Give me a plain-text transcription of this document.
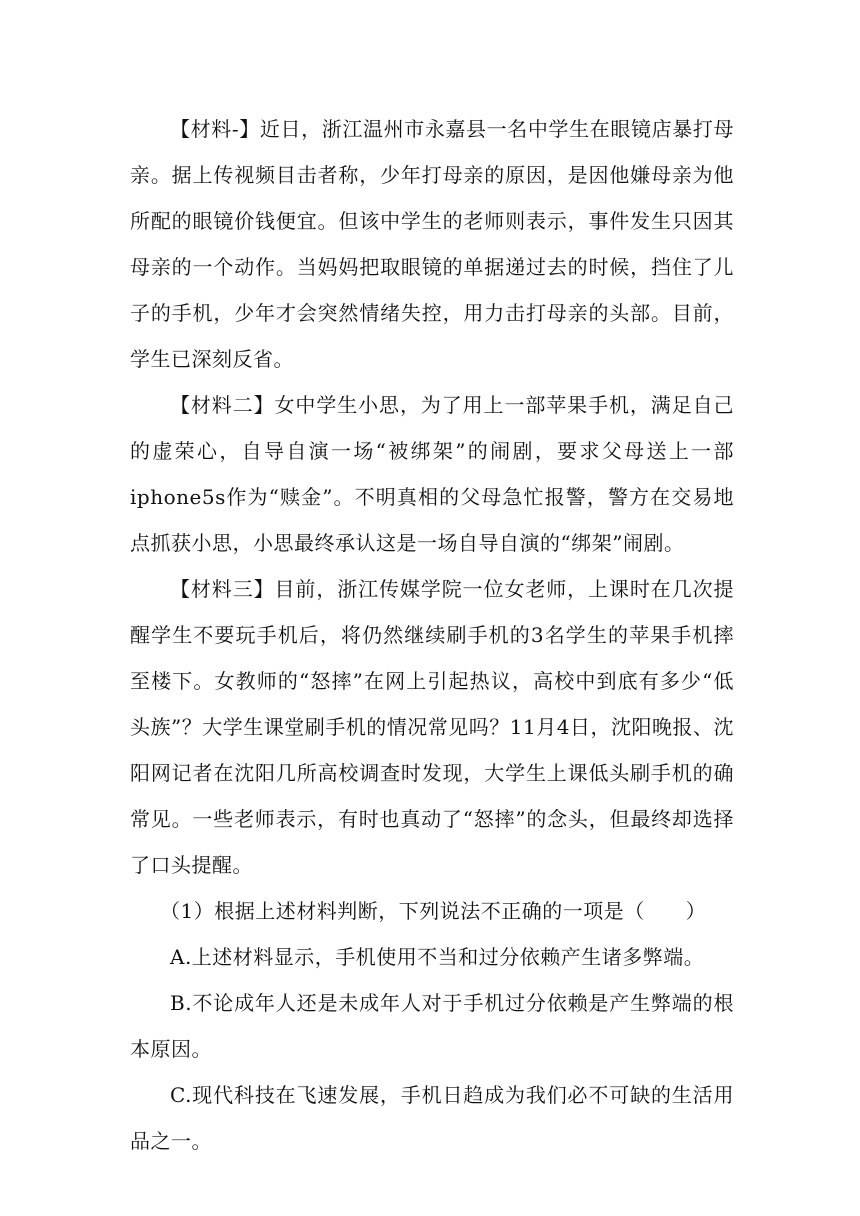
【材料-】近日，浙江温州市永嘉县一名中学生在眼镜店暴打母亲。据上传视频目击者称，少年打母亲的原因，是因他嫌母亲为他所配的眼镜价钱便宜。但该中学生的老师则表示，事件发生只因其母亲的一个动作。当妈妈把取眼镜的单据递过去的时候，挡住了儿子的手机，少年才会突然情绪失控，用力击打母亲的头部。目前，学生已深刻反省。

【材料二】女中学生小思，为了用上一部苹果手机，满足自己的虚荣心，自导自演一场“被绑架”的闹剧，要求父母送上一部iphone5s作为“赎金”。不明真相的父母急忙报警，警方在交易地点抓获小思，小思最终承认这是一场自导自演的“绑架”闹剧。

【材料三】目前，浙江传媒学院一位女老师，上课时在几次提醒学生不要玩手机后，将仍然继续刷手机的3名学生的苹果手机摔至楼下。女教师的“怒摔”在网上引起热议，高校中到底有多少“低头族”？大学生课堂刷手机的情况常见吗？11月4日，沈阳晚报、沈阳网记者在沈阳几所高校调查时发现，大学生上课低头刷手机的确常见。一些老师表示，有时也真动了“怒摔”的念头，但最终却选择了口头提醒。

（1）根据上述材料判断，下列说法不正确的一项是（　　）

A.上述材料显示，手机使用不当和过分依赖产生诸多弊端。

B.不论成年人还是未成年人对于手机过分依赖是产生弊端的根本原因。

C.现代科技在飞速发展，手机日趋成为我们必不可缺的生活用品之一。
